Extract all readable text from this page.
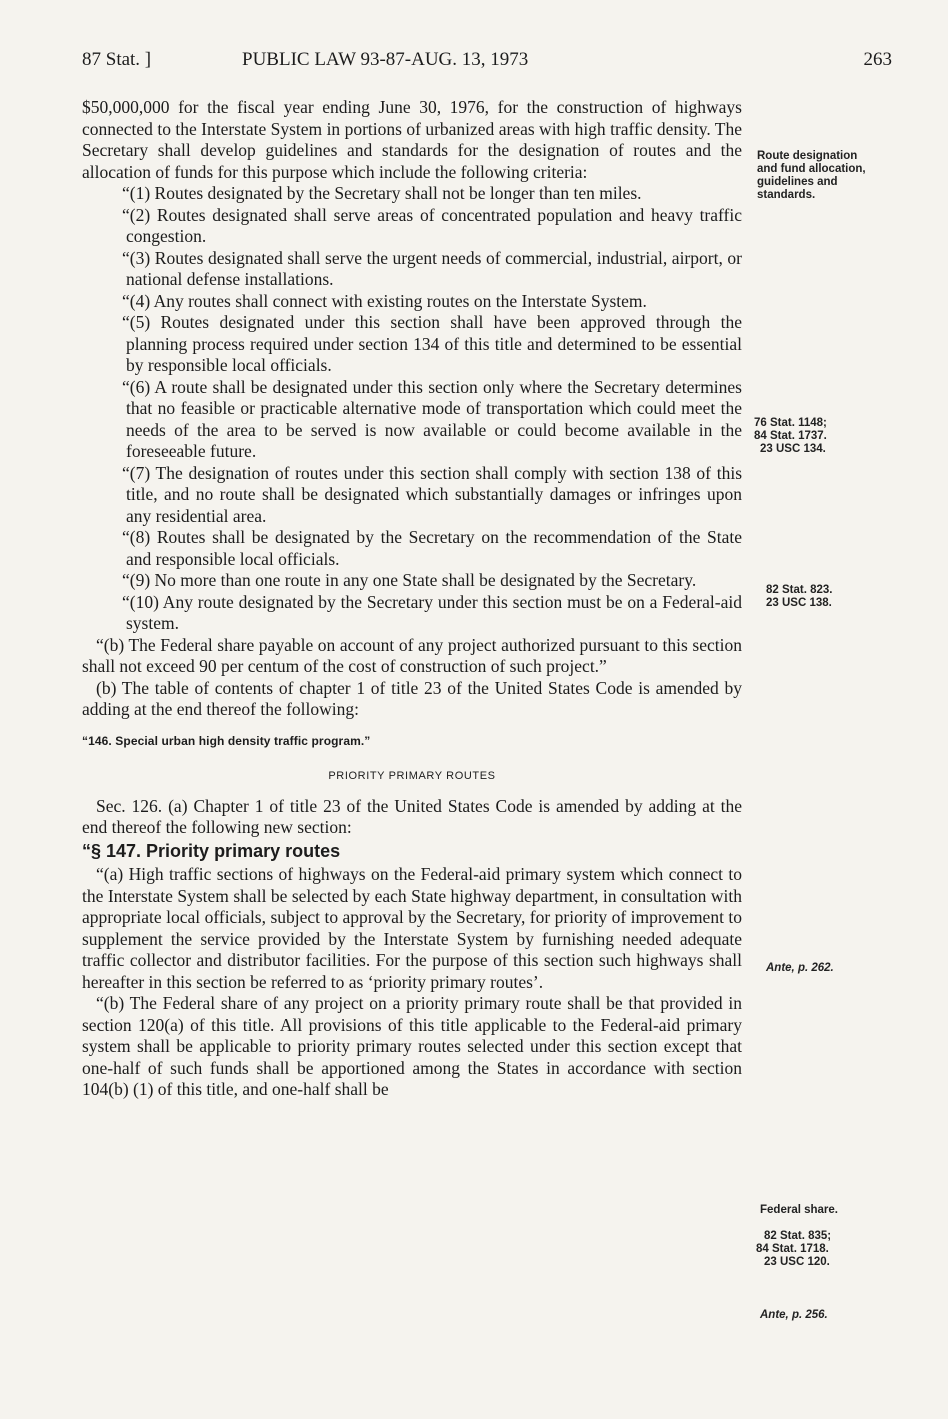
87 Stat. ]	PUBLIC LAW 93-87-AUG. 13, 1973	263

$50,000,000 for the fiscal year ending June 30, 1976, for the construction of highways connected to the Interstate System in portions of urbanized areas with high traffic density. The Secretary shall develop guidelines and standards for the designation of routes and the allocation of funds for this purpose which include the following criteria:

“(1) Routes designated by the Secretary shall not be longer than ten miles.

“(2) Routes designated shall serve areas of concentrated population and heavy traffic congestion.

“(3) Routes designated shall serve the urgent needs of commercial, industrial, airport, or national defense installations.

“(4) Any routes shall connect with existing routes on the Interstate System.

“(5) Routes designated under this section shall have been approved through the planning process required under section 134 of this title and determined to be essential by responsible local officials.

“(6) A route shall be designated under this section only where the Secretary determines that no feasible or practicable alternative mode of transportation which could meet the needs of the area to be served is now available or could become available in the foreseeable future.

“(7) The designation of routes under this section shall comply with section 138 of this title, and no route shall be designated which substantially damages or infringes upon any residential area.

“(8) Routes shall be designated by the Secretary on the recommendation of the State and responsible local officials.

“(9) No more than one route in any one State shall be designated by the Secretary.

“(10) Any route designated by the Secretary under this section must be on a Federal-aid system.

“(b) The Federal share payable on account of any project authorized pursuant to this section shall not exceed 90 per centum of the cost of construction of such project.”

(b) The table of contents of chapter 1 of title 23 of the United States Code is amended by adding at the end thereof the following:

“146. Special urban high density traffic program.”

PRIORITY PRIMARY ROUTES

Sec. 126. (a) Chapter 1 of title 23 of the United States Code is amended by adding at the end thereof the following new section:

“§ 147. Priority primary routes

“(a) High traffic sections of highways on the Federal-aid primary system which connect to the Interstate System shall be selected by each State highway department, in consultation with appropriate local officials, subject to approval by the Secretary, for priority of improvement to supplement the service provided by the Interstate System by furnishing needed adequate traffic collector and distributor facilities. For the purpose of this section such highways shall hereafter in this section be referred to as ‘priority primary routes’.

“(b) The Federal share of any project on a priority primary route shall be that provided in section 120(a) of this title. All provisions of this title applicable to the Federal-aid primary system shall be applicable to priority primary routes selected under this section except that one-half of such funds shall be apportioned among the States in accordance with section 104(b) (1) of this title, and one-half shall be

Route designation and fund allocation, guidelines and standards.
76 Stat. 1148;
84 Stat. 1737.
23 USC 134.
82 Stat. 823.
23 USC 138.
Ante, p. 262.
Federal share.
82 Stat. 835;
84 Stat. 1718.
23 USC 120.
Ante, p. 256.
